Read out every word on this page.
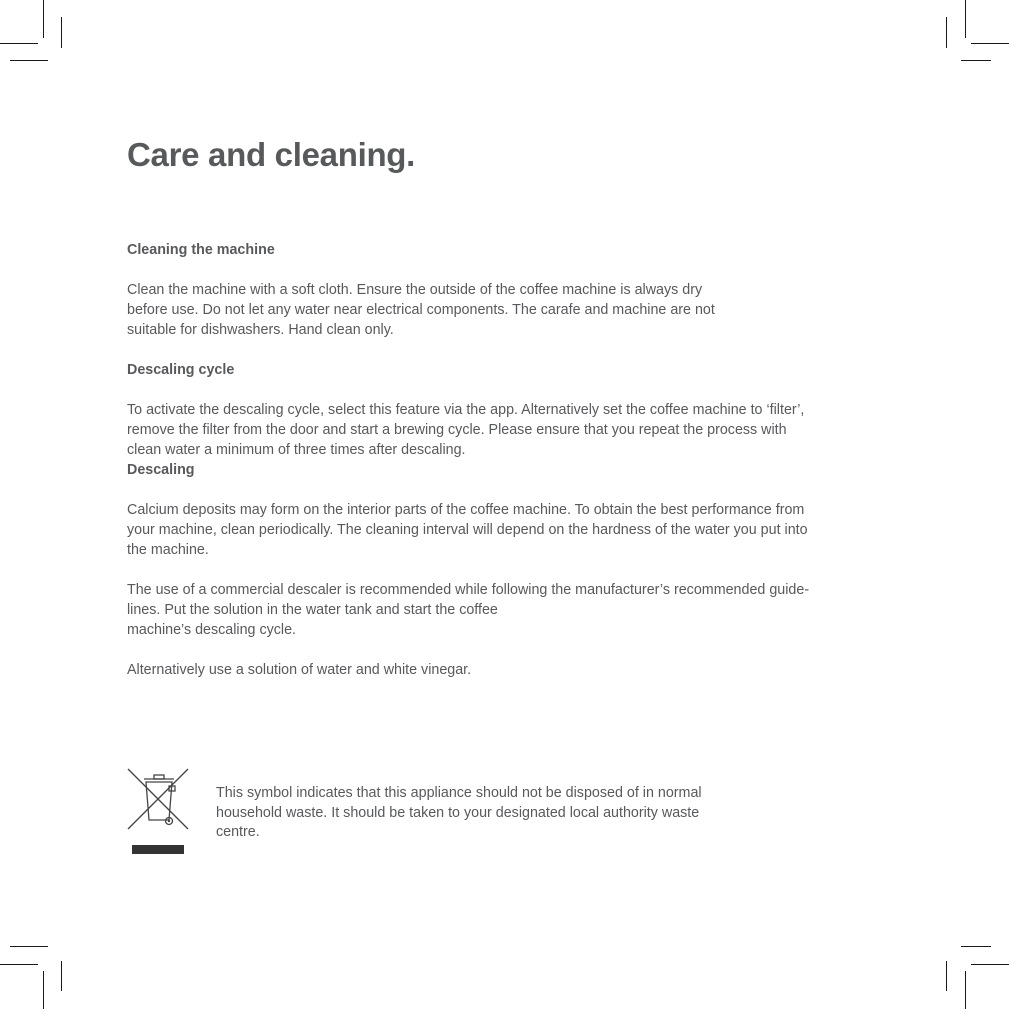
Care and cleaning.
Cleaning the machine

Clean the machine with a soft cloth. Ensure the outside of the coffee machine is always dry
before use. Do not let any water near electrical components. The carafe and machine are not
suitable for dishwashers. Hand clean only.

Descaling cycle

To activate the descaling cycle, select this feature via the app. Alternatively set the coffee machine to ‘filter’,
remove the filter from the door and start a brewing cycle. Please ensure that you repeat the process with
clean water a minimum of three times after descaling.

Descaling

Calcium deposits may form on the interior parts of the coffee machine. To obtain the best performance from
your machine, clean periodically. The cleaning interval will depend on the hardness of the water you put into
the machine.

The use of a commercial descaler is recommended while following the manufacturer’s recommended guide-
lines. Put the solution in the water tank and start the coffee
machine’s descaling cycle.

Alternatively use a solution of water and white vinegar.

This symbol indicates that this appliance should not be disposed of in normal
household waste. It should be taken to your designated local authority waste
centre.
